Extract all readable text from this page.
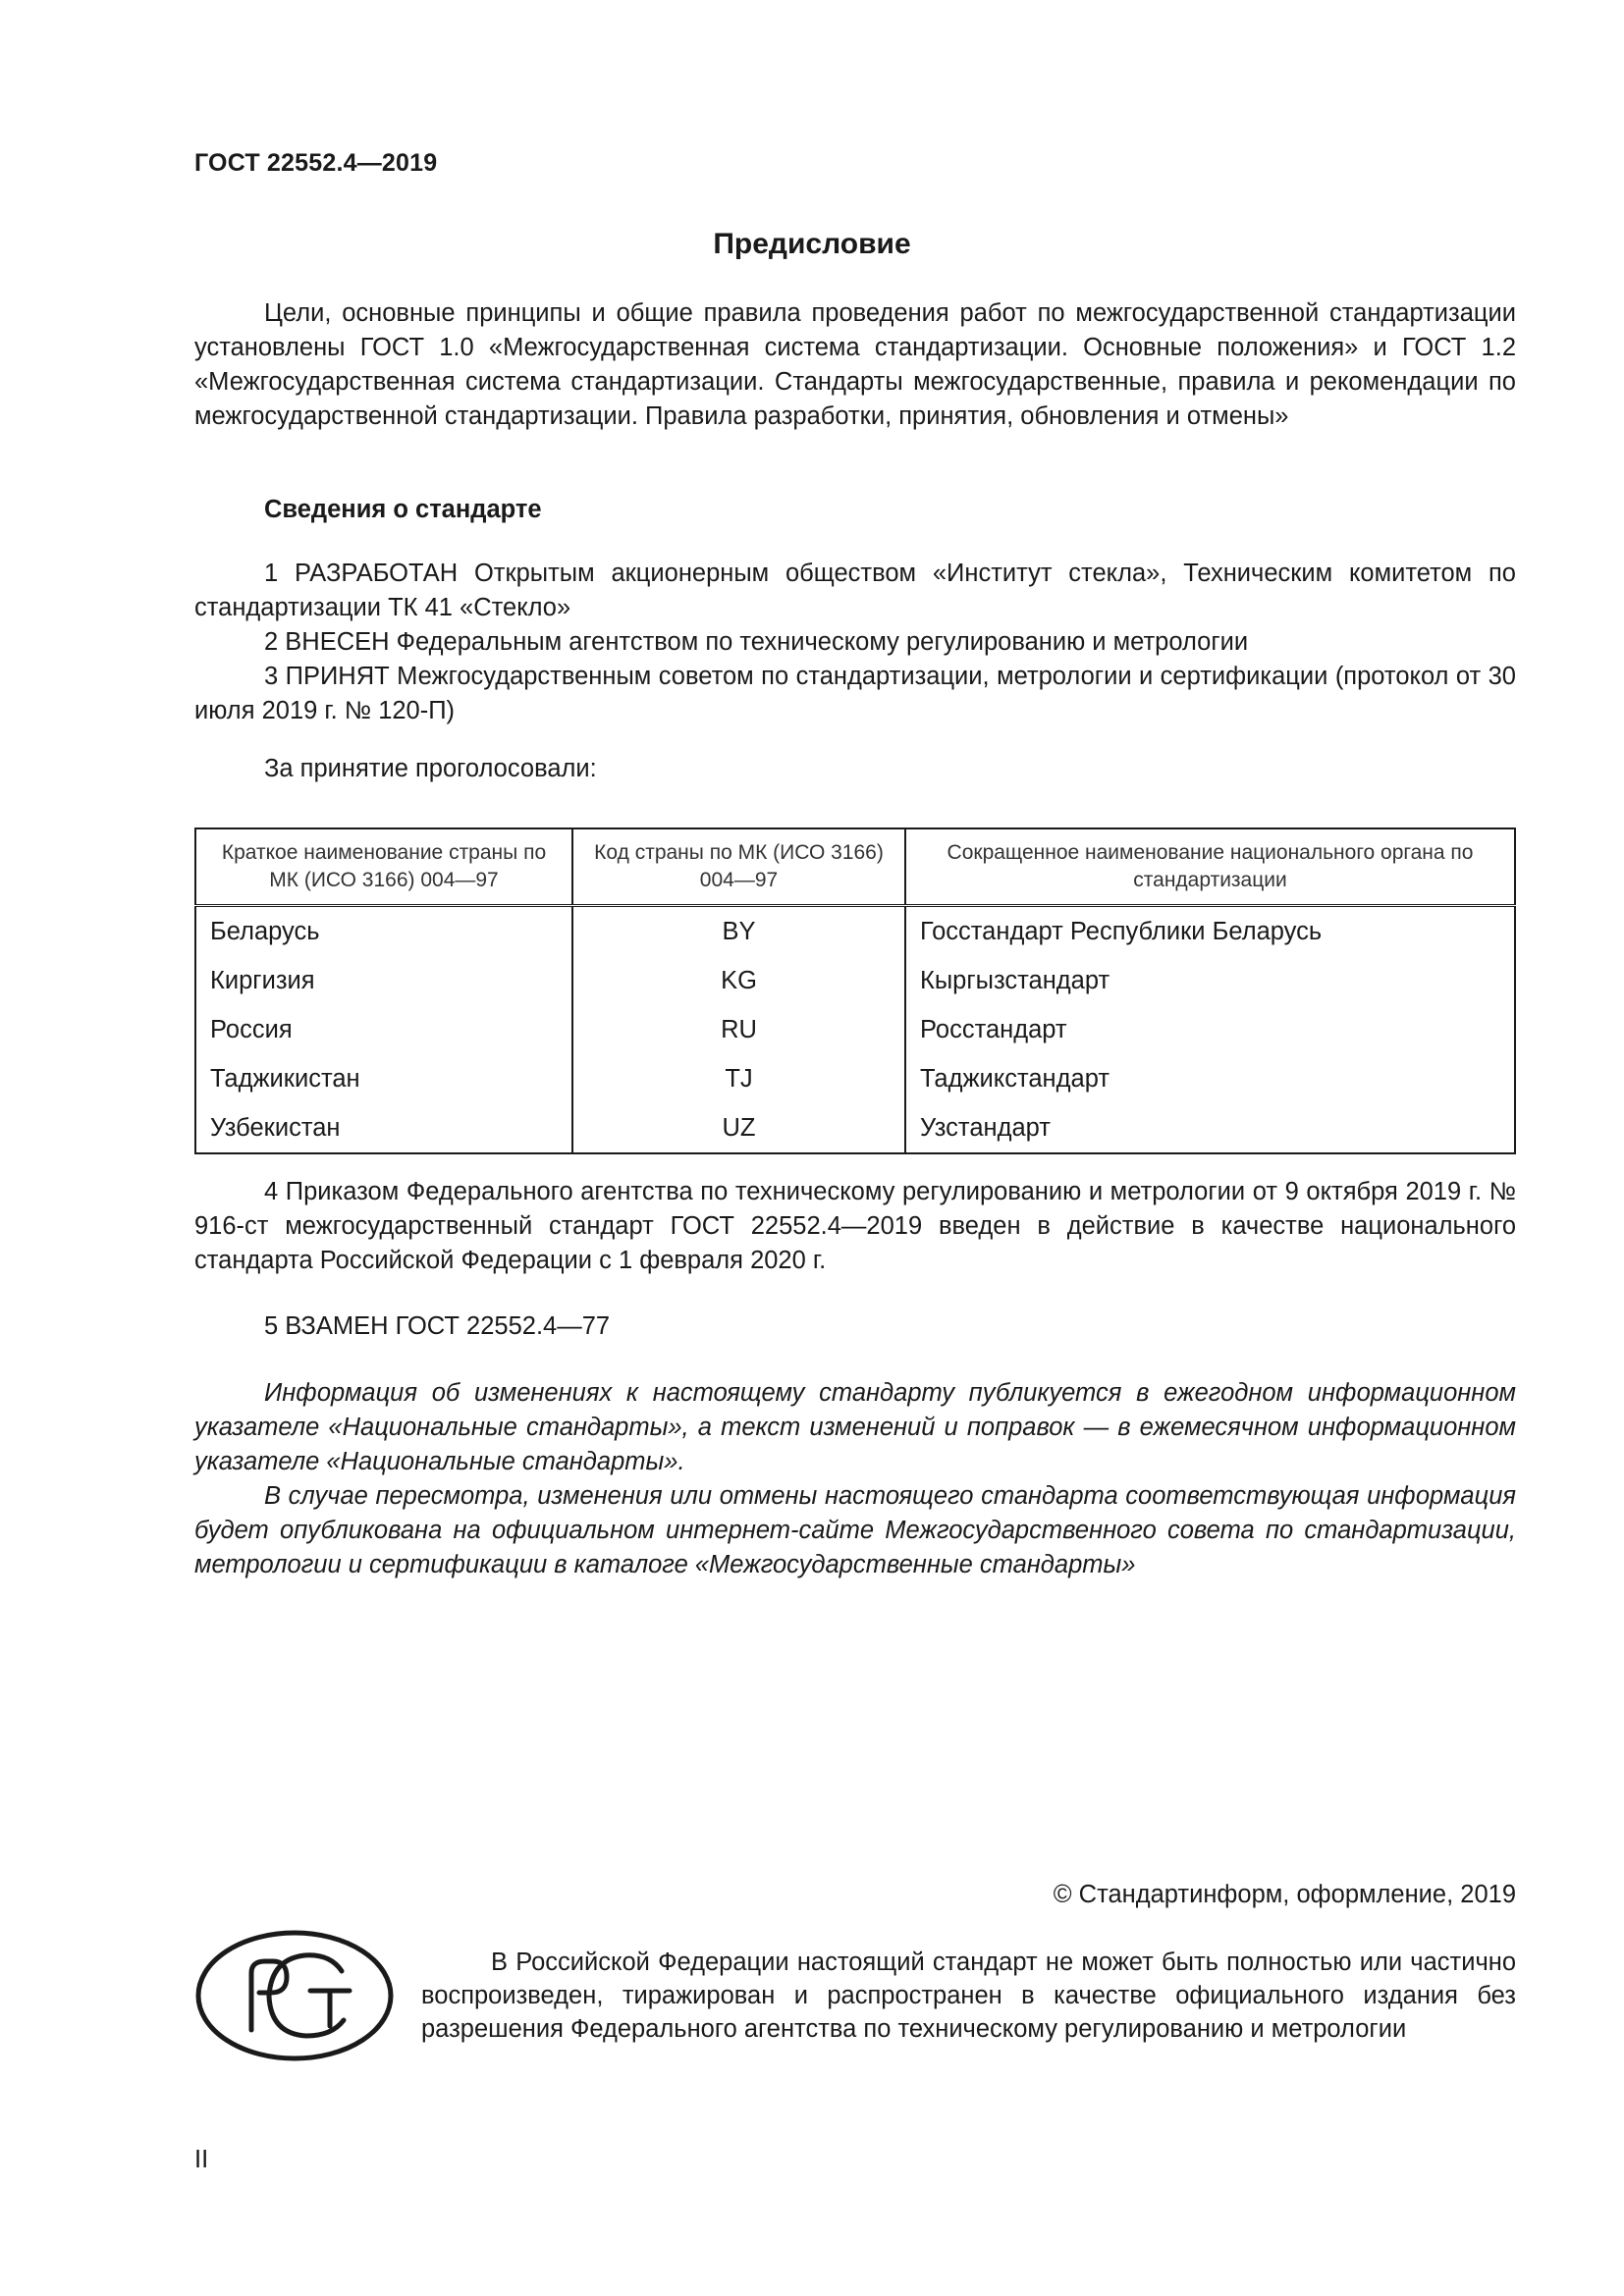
ГОСТ 22552.4—2019
Предисловие

Цели, основные принципы и общие правила проведения работ по межгосударственной стандартизации установлены ГОСТ 1.0 «Межгосударственная система стандартизации. Основные положения» и ГОСТ 1.2 «Межгосударственная система стандартизации. Стандарты межгосударственные, правила и рекомендации по межгосударственной стандартизации. Правила разработки, принятия, обновления и отмены»

Сведения о стандарте

1 РАЗРАБОТАН Открытым акционерным обществом «Институт стекла», Техническим комитетом по стандартизации ТК 41 «Стекло»

2 ВНЕСЕН Федеральным агентством по техническому регулированию и метрологии

3 ПРИНЯТ Межгосударственным советом по стандартизации, метрологии и сертификации (протокол от 30 июля 2019 г. № 120-П)

За принятие проголосовали:
Краткое наименование страны по МК (ИСО 3166) 004—97	Код страны по МК (ИСО 3166) 004—97	Сокращенное наименование национального органа по стандартизации
Беларусь	BY	Госстандарт Республики Беларусь
Киргизия	KG	Кыргызстандарт
Россия	RU	Росстандарт
Таджикистан	TJ	Таджикстандарт
Узбекистан	UZ	Узстандарт

4 Приказом Федерального агентства по техническому регулированию и метрологии от 9 октября 2019 г. № 916-ст межгосударственный стандарт ГОСТ 22552.4—2019 введен в действие в качестве национального стандарта Российской Федерации с 1 февраля 2020 г.

5 ВЗАМЕН ГОСТ 22552.4—77

Информация об изменениях к настоящему стандарту публикуется в ежегодном информационном указателе «Национальные стандарты», а текст изменений и поправок — в ежемесячном информационном указателе «Национальные стандарты».

В случае пересмотра, изменения или отмены настоящего стандарта соответствующая информация будет опубликована на официальном интернет-сайте Межгосударственного совета по стандартизации, метрологии и сертификации в каталоге «Межгосударственные стандарты»

© Стандартинформ, оформление, 2019

В Российской Федерации настоящий стандарт не может быть полностью или частично воспроизведен, тиражирован и распространен в качестве официального издания без разрешения Федерального агентства по техническому регулированию и метрологии

II
